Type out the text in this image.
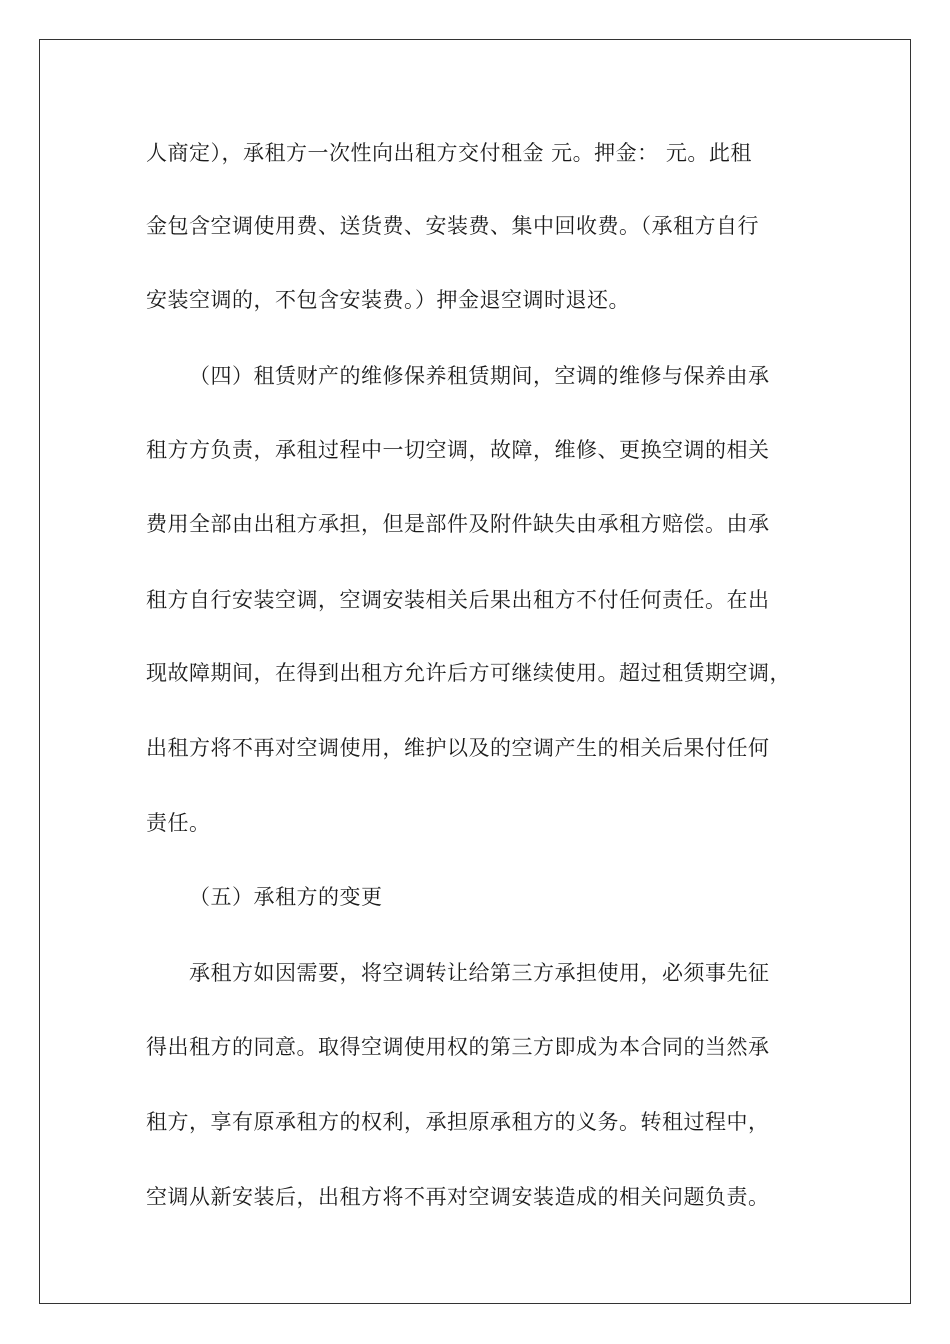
人商定），承租方一次性向出租方交付租金 元。押金： 元。此租
金包含空调使用费、送货费、安装费、集中回收费。（承租方自行
安装空调的，不包含安装费。）押金退空调时退还。
（四）租赁财产的维修保养租赁期间，空调的维修与保养由承
租方方负责，承租过程中一切空调，故障，维修、更换空调的相关
费用全部由出租方承担，但是部件及附件缺失由承租方赔偿。由承
租方自行安装空调，空调安装相关后果出租方不付任何责任。在出
现故障期间，在得到出租方允许后方可继续使用。超过租赁期空调，
出租方将不再对空调使用，维护以及的空调产生的相关后果付任何
责任。
（五）承租方的变更
承租方如因需要，将空调转让给第三方承担使用，必须事先征
得出租方的同意。取得空调使用权的第三方即成为本合同的当然承
租方，享有原承租方的权利，承担原承租方的义务。转租过程中，
空调从新安装后，出租方将不再对空调安装造成的相关问题负责。
